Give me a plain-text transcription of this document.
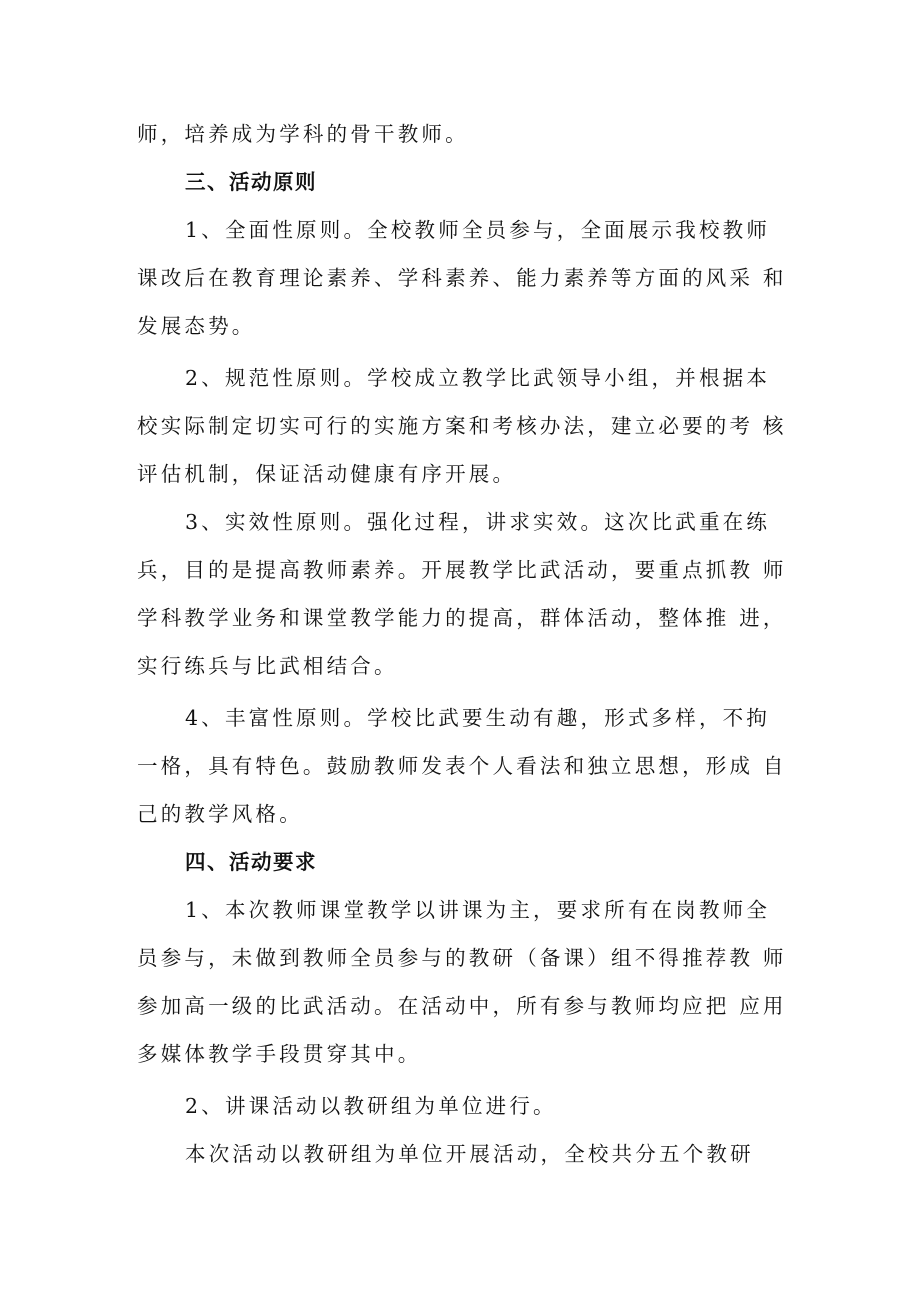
师，培养成为学科的骨干教师。
三、活动原则
1、全面性原则。全校教师全员参与，全面展示我校教师
课改后在教育理论素养、学科素养、能力素养等方面的风采 和
发展态势。
2、规范性原则。学校成立教学比武领导小组，并根据本
校实际制定切实可行的实施方案和考核办法，建立必要的考 核
评估机制，保证活动健康有序开展。
3、实效性原则。强化过程，讲求实效。这次比武重在练
兵，目的是提高教师素养。开展教学比武活动，要重点抓教 师
学科教学业务和课堂教学能力的提高，群体活动，整体推 进，
实行练兵与比武相结合。
4、丰富性原则。学校比武要生动有趣，形式多样，不拘
一格，具有特色。鼓励教师发表个人看法和独立思想，形成 自
己的教学风格。
四、活动要求
1、本次教师课堂教学以讲课为主，要求所有在岗教师全
员参与，未做到教师全员参与的教研（备课）组不得推荐教 师
参加高一级的比武活动。在活动中，所有参与教师均应把 应用
多媒体教学手段贯穿其中。
2、讲课活动以教研组为单位进行。
本次活动以教研组为单位开展活动，全校共分五个教研
